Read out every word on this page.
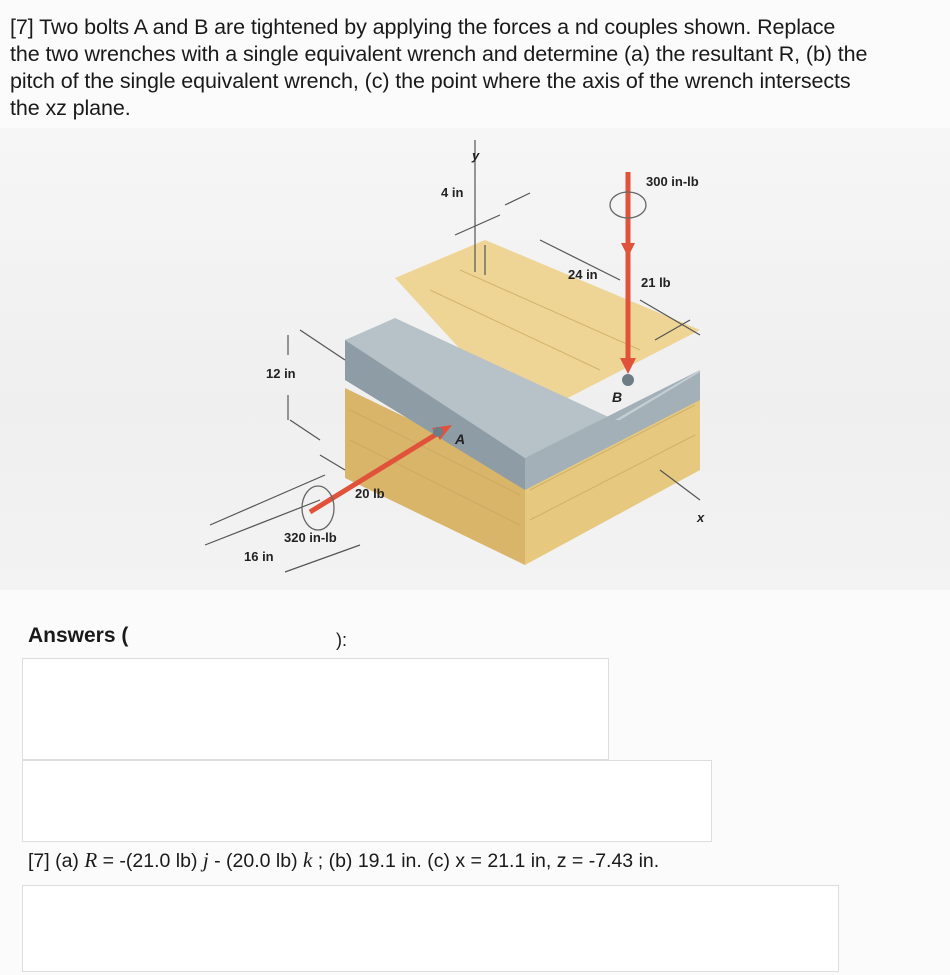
[7] Two bolts A and B are tightened by applying the forces a nd couples shown. Replace
the two wrenches with a single equivalent wrench and determine (a) the resultant R, (b) the
pitch of the single equivalent wrench, (c) the point where the axis of the wrench intersects
the xz plane.
y
4 in
300 in-lb
24 in
21 lb
12 in
B
A
20 lb
320 in-lb
16 in
x
Answers (	):
[7] (a) R = -(21.0 lb) j - (20.0 lb) k ; (b) 19.1 in. (c) x = 21.1 in, z = -7.43 in.
